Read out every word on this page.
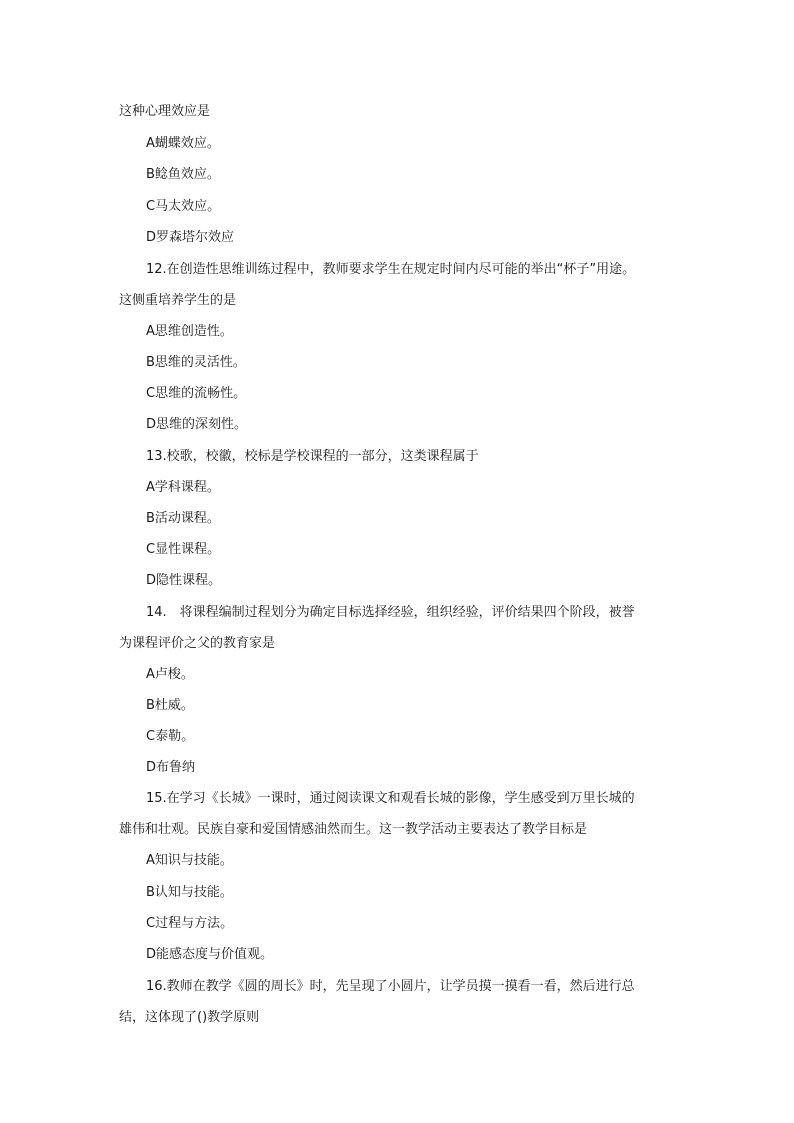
这种心理效应是
A蝴蝶效应。
B鲶鱼效应。
C马太效应。
D罗森塔尔效应
12.在创造性思维训练过程中，教师要求学生在规定时间内尽可能的举出“杯子”用途。
这侧重培养学生的是
A思维创造性。
B思维的灵活性。
C思维的流畅性。
D思维的深刻性。
13.校歌，校徽，校标是学校课程的一部分，这类课程属于
A学科课程。
B活动课程。
C显性课程。
D隐性课程。
14.　将课程编制过程划分为确定目标选择经验，组织经验，评价结果四个阶段，被誉
为课程评价之父的教育家是
A卢梭。
B杜威。
C泰勒。
D布鲁纳
15.在学习《长城》一课时，通过阅读课文和观看长城的影像，学生感受到万里长城的
雄伟和壮观。民族自豪和爱国情感油然而生。这一教学活动主要表达了教学目标是
A知识与技能。
B认知与技能。
C过程与方法。
D能感态度与价值观。
16.教师在教学《圆的周长》时，先呈现了小圆片，让学员摸一摸看一看，然后进行总
结，这体现了()教学原则
